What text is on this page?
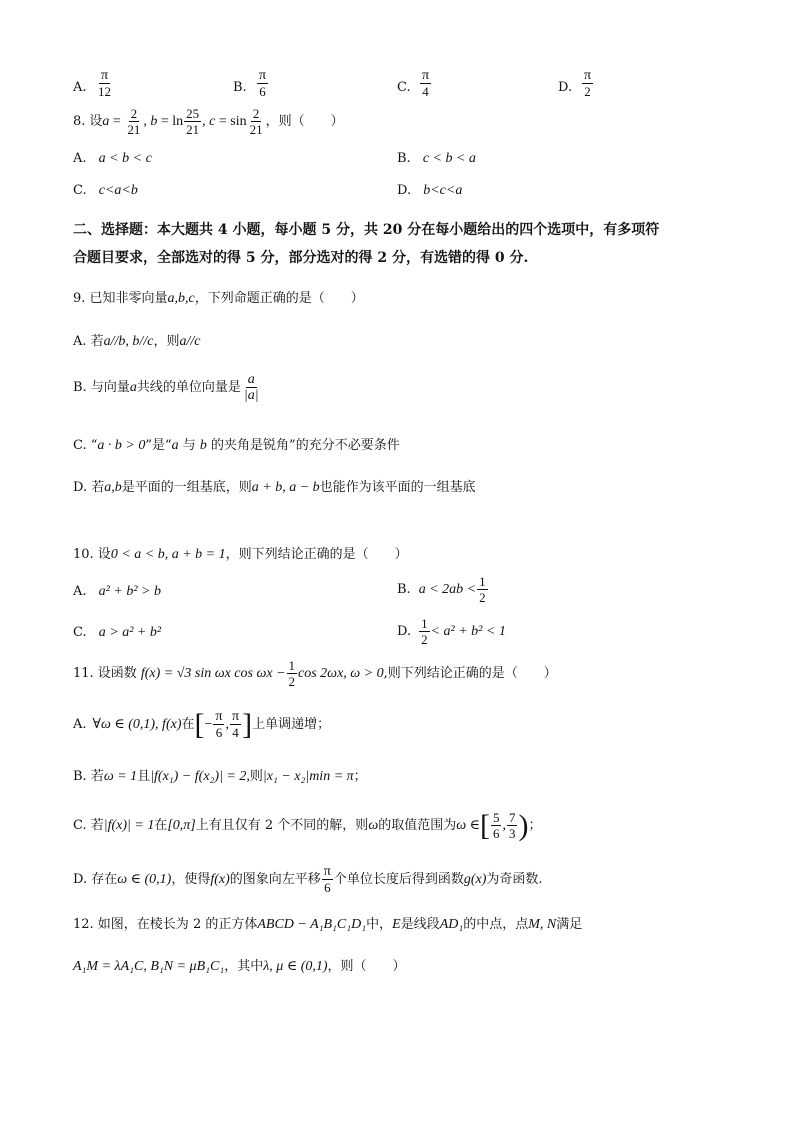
A. $\frac{\pi}{12}$	B. $\frac{\pi}{6}$	C. $\frac{\pi}{4}$	D. $\frac{\pi}{2}$
8. 设 $a = \frac{2}{21}$ , $b = \ln \frac{25}{21}$ , $c = \sin \frac{2}{21}$ ，则（　　）
A. a < b < c	B. c < b < a
C. c<a<b	D. b<c<a
二、选择题：本大题共 4 小题，每小题 5 分，共 20 分在每小题给出的四个选项中，有多项符
合题目要求，全部选对的得 5 分，部分选对的得 2 分，有选错的得 0 分.
9. 已知非零向量a,b,c，下列命题正确的是（　　）
A. 若a//b, b//c，则a//c
B. 与向量 a 共线的单位向量是 $\frac{a}{|a|}$
C. “a · b > 0”是“a 与 b 的夹角是锐角”的充分不必要条件
D. 若a,b是平面的一组基底，则a + b, a − b也能作为该平面的一组基底
10. 设0 < a < b, a + b = 1，则下列结论正确的是（　　）
A. a² + b² > b	B. $a < 2ab < \frac{1}{2}$
C. a > a² + b²	D. $\frac{1}{2} < a^2 + b^2 < 1$
11. 设函数 f(x) = √3 sin ωx $\cos \omega x - \frac{1}{2}$ cos 2ωx, ω > 0 ,则下列结论正确的是（　　）
A. ∀ω ∈ (0,1), f(x) 在 [ − $\frac{\pi}{6}$ , $\frac{\pi}{4}$ ] 上单调递增；
B. 若ω = 1且|f(x₁) − f(x₂)| = 2,则|x₁ − x₂|min = π；
C. 若 |f(x)| = 1 在 [0,π] 上有且仅有 2 个不同的解，则 ω 的取值范围为 ω ∈ [ $\frac{5}{6}$ , $\frac{7}{3}$ ) ；
D. 存在 ω ∈ (0,1) ，使得 f(x) 的图象向左平移 $\frac{\pi}{6}$ 个单位长度后得到函数 g(x) 为奇函数.
12. 如图，在棱长为 2 的正方体ABCD − A₁B₁C₁D₁中，E是线段AD₁的中点，点M, N满足
A₁M = λA₁C, B₁N = μB₁C₁，其中λ, μ ∈ (0,1)，则（　　）
